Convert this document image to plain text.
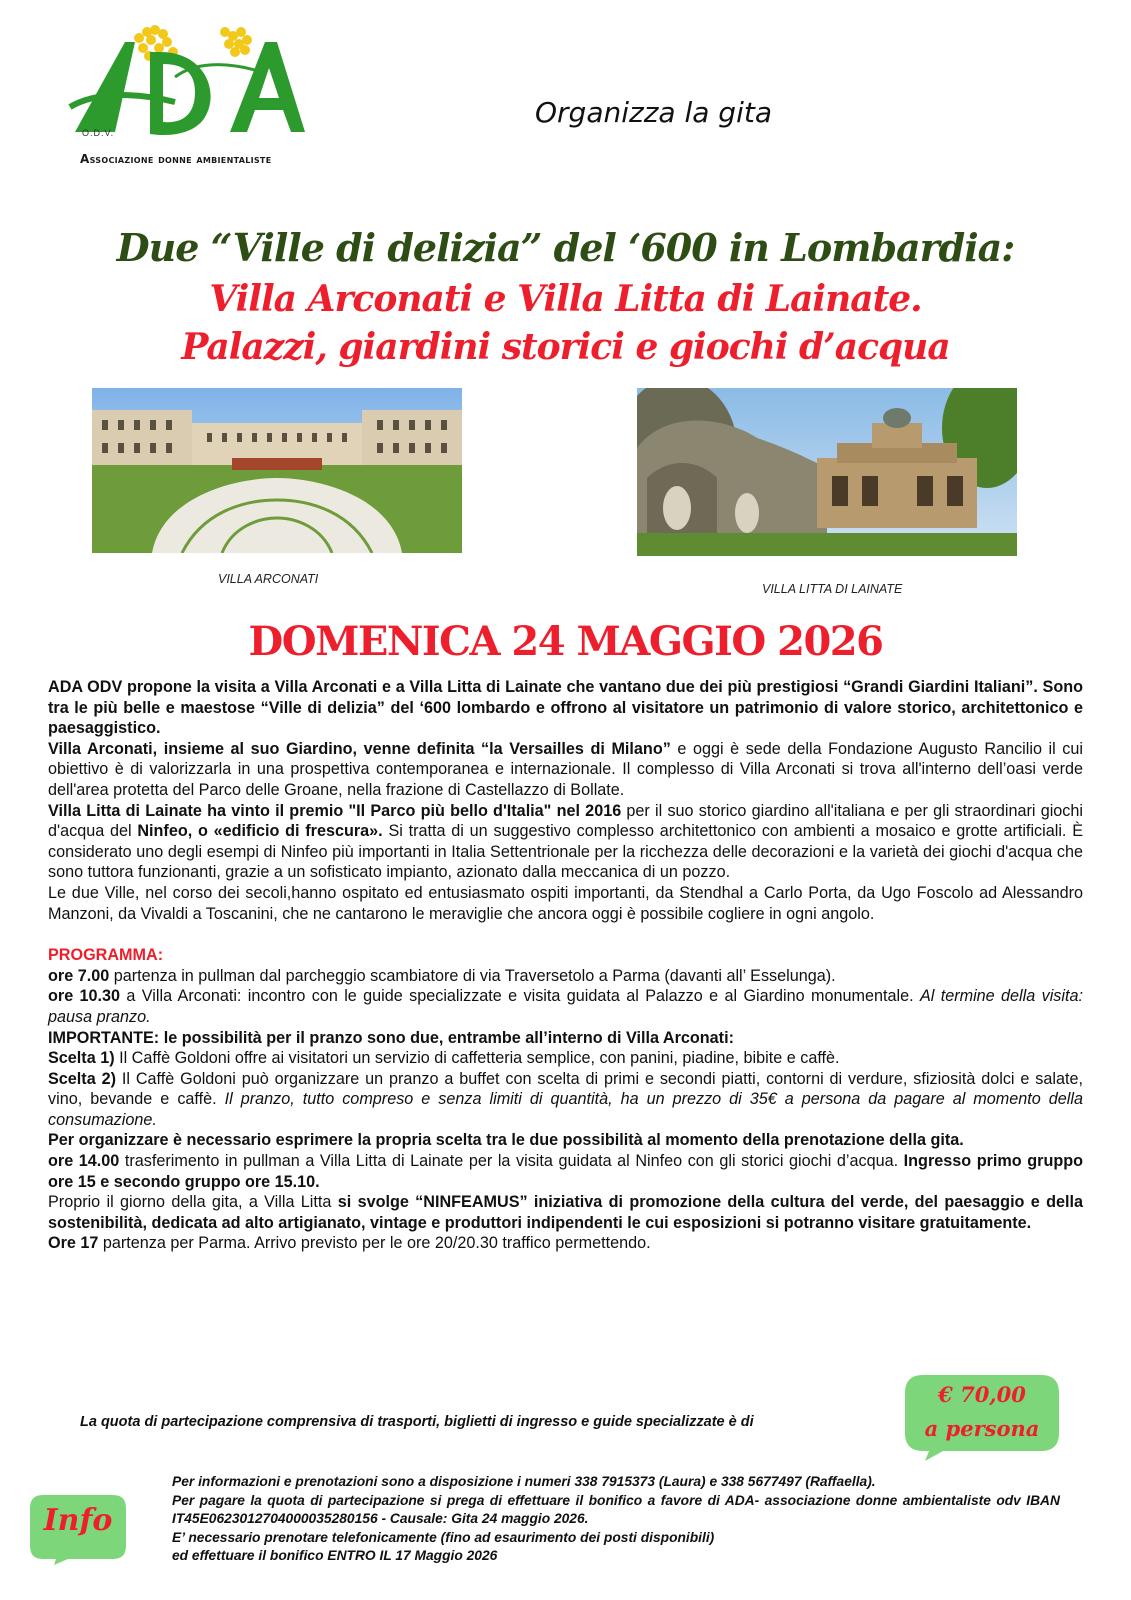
O.D.V.
Associazione donne ambientaliste
Organizza la gita
Due “Ville di delizia” del ‘600 in Lombardia:
Villa Arconati e Villa Litta di Lainate.
Palazzi, giardini storici e giochi d’acqua
VILLA ARCONATI
VILLA LITTA DI LAINATE
DOMENICA 24 MAGGIO 2026

ADA ODV propone la visita a Villa Arconati e a Villa Litta di Lainate che vantano due dei più prestigiosi “Grandi Giardini Italiani”. Sono tra le più belle e maestose “Ville di delizia” del ‘600 lombardo e offrono al visitatore un patrimonio di valore storico, architettonico e paesaggistico.

Villa Arconati, insieme al suo Giardino, venne definita “la Versailles di Milano” e oggi è sede della Fondazione Augusto Rancilio il cui obiettivo è di valorizzarla in una prospettiva contemporanea e internazionale. Il complesso di Villa Arconati si trova all'interno dell’oasi verde dell'area protetta del Parco delle Groane, nella frazione di Castellazzo di Bollate.

Villa Litta di Lainate ha vinto il premio "Il Parco più bello d'Italia" nel 2016 per il suo storico giardino all'italiana e per gli straordinari giochi d'acqua del Ninfeo, o «edificio di frescura». Si tratta di un suggestivo complesso architettonico con ambienti a mosaico e grotte artificiali. È considerato uno degli esempi di Ninfeo più importanti in Italia Settentrionale per la ricchezza delle decorazioni e la varietà dei giochi d'acqua che sono tuttora funzionanti, grazie a un sofisticato impianto, azionato dalla meccanica di un pozzo.

Le due Ville, nel corso dei secoli,hanno ospitato ed entusiasmato ospiti importanti, da Stendhal a Carlo Porta, da Ugo Foscolo ad Alessandro Manzoni, da Vivaldi a Toscanini, che ne cantarono le meraviglie che ancora oggi è possibile cogliere in ogni angolo.

PROGRAMMA:

ore 7.00 partenza in pullman dal parcheggio scambiatore di via Traversetolo a Parma (davanti all’ Esselunga).

ore 10.30 a Villa Arconati: incontro con le guide specializzate e visita guidata al Palazzo e al Giardino monumentale. Al termine della visita: pausa pranzo.

IMPORTANTE: le possibilità per il pranzo sono due, entrambe all’interno di Villa Arconati:

Scelta 1) Il Caffè Goldoni offre ai visitatori un servizio di caffetteria semplice, con panini, piadine, bibite e caffè.

Scelta 2) Il Caffè Goldoni può organizzare un pranzo a buffet con scelta di primi e secondi piatti, contorni di verdure, sfiziosità dolci e salate, vino, bevande e caffè. Il pranzo, tutto compreso e senza limiti di quantità, ha un prezzo di 35€ a persona da pagare al momento della consumazione.

Per organizzare è necessario esprimere la propria scelta tra le due possibilità al momento della prenotazione della gita.

ore 14.00 trasferimento in pullman a Villa Litta di Lainate per la visita guidata al Ninfeo con gli storici giochi d’acqua. Ingresso primo gruppo ore 15 e secondo gruppo ore 15.10.

Proprio il giorno della gita, a Villa Litta si svolge “NINFEAMUS” iniziativa di promozione della cultura del verde, del paesaggio e della sostenibilità, dedicata ad alto artigianato, vintage e produttori indipendenti le cui esposizioni si potranno visitare gratuitamente.

Ore 17 partenza per Parma. Arrivo previsto per le ore 20/20.30 traffico permettendo.

La quota di partecipazione comprensiva di trasporti, biglietti di ingresso e guide specializzate è di
€ 70,00
a persona
Info

Per informazioni e prenotazioni sono a disposizione i numeri 338 7915373 (Laura) e 338 5677497 (Raffaella).

Per pagare la quota di partecipazione si prega di effettuare il bonifico a favore di ADA- associazione donne ambientaliste odv IBAN IT45E0623012704000035280156 - Causale: Gita 24 maggio 2026.

E’ necessario prenotare telefonicamente (fino ad esaurimento dei posti disponibili)

ed effettuare il bonifico ENTRO IL 17 Maggio 2026
